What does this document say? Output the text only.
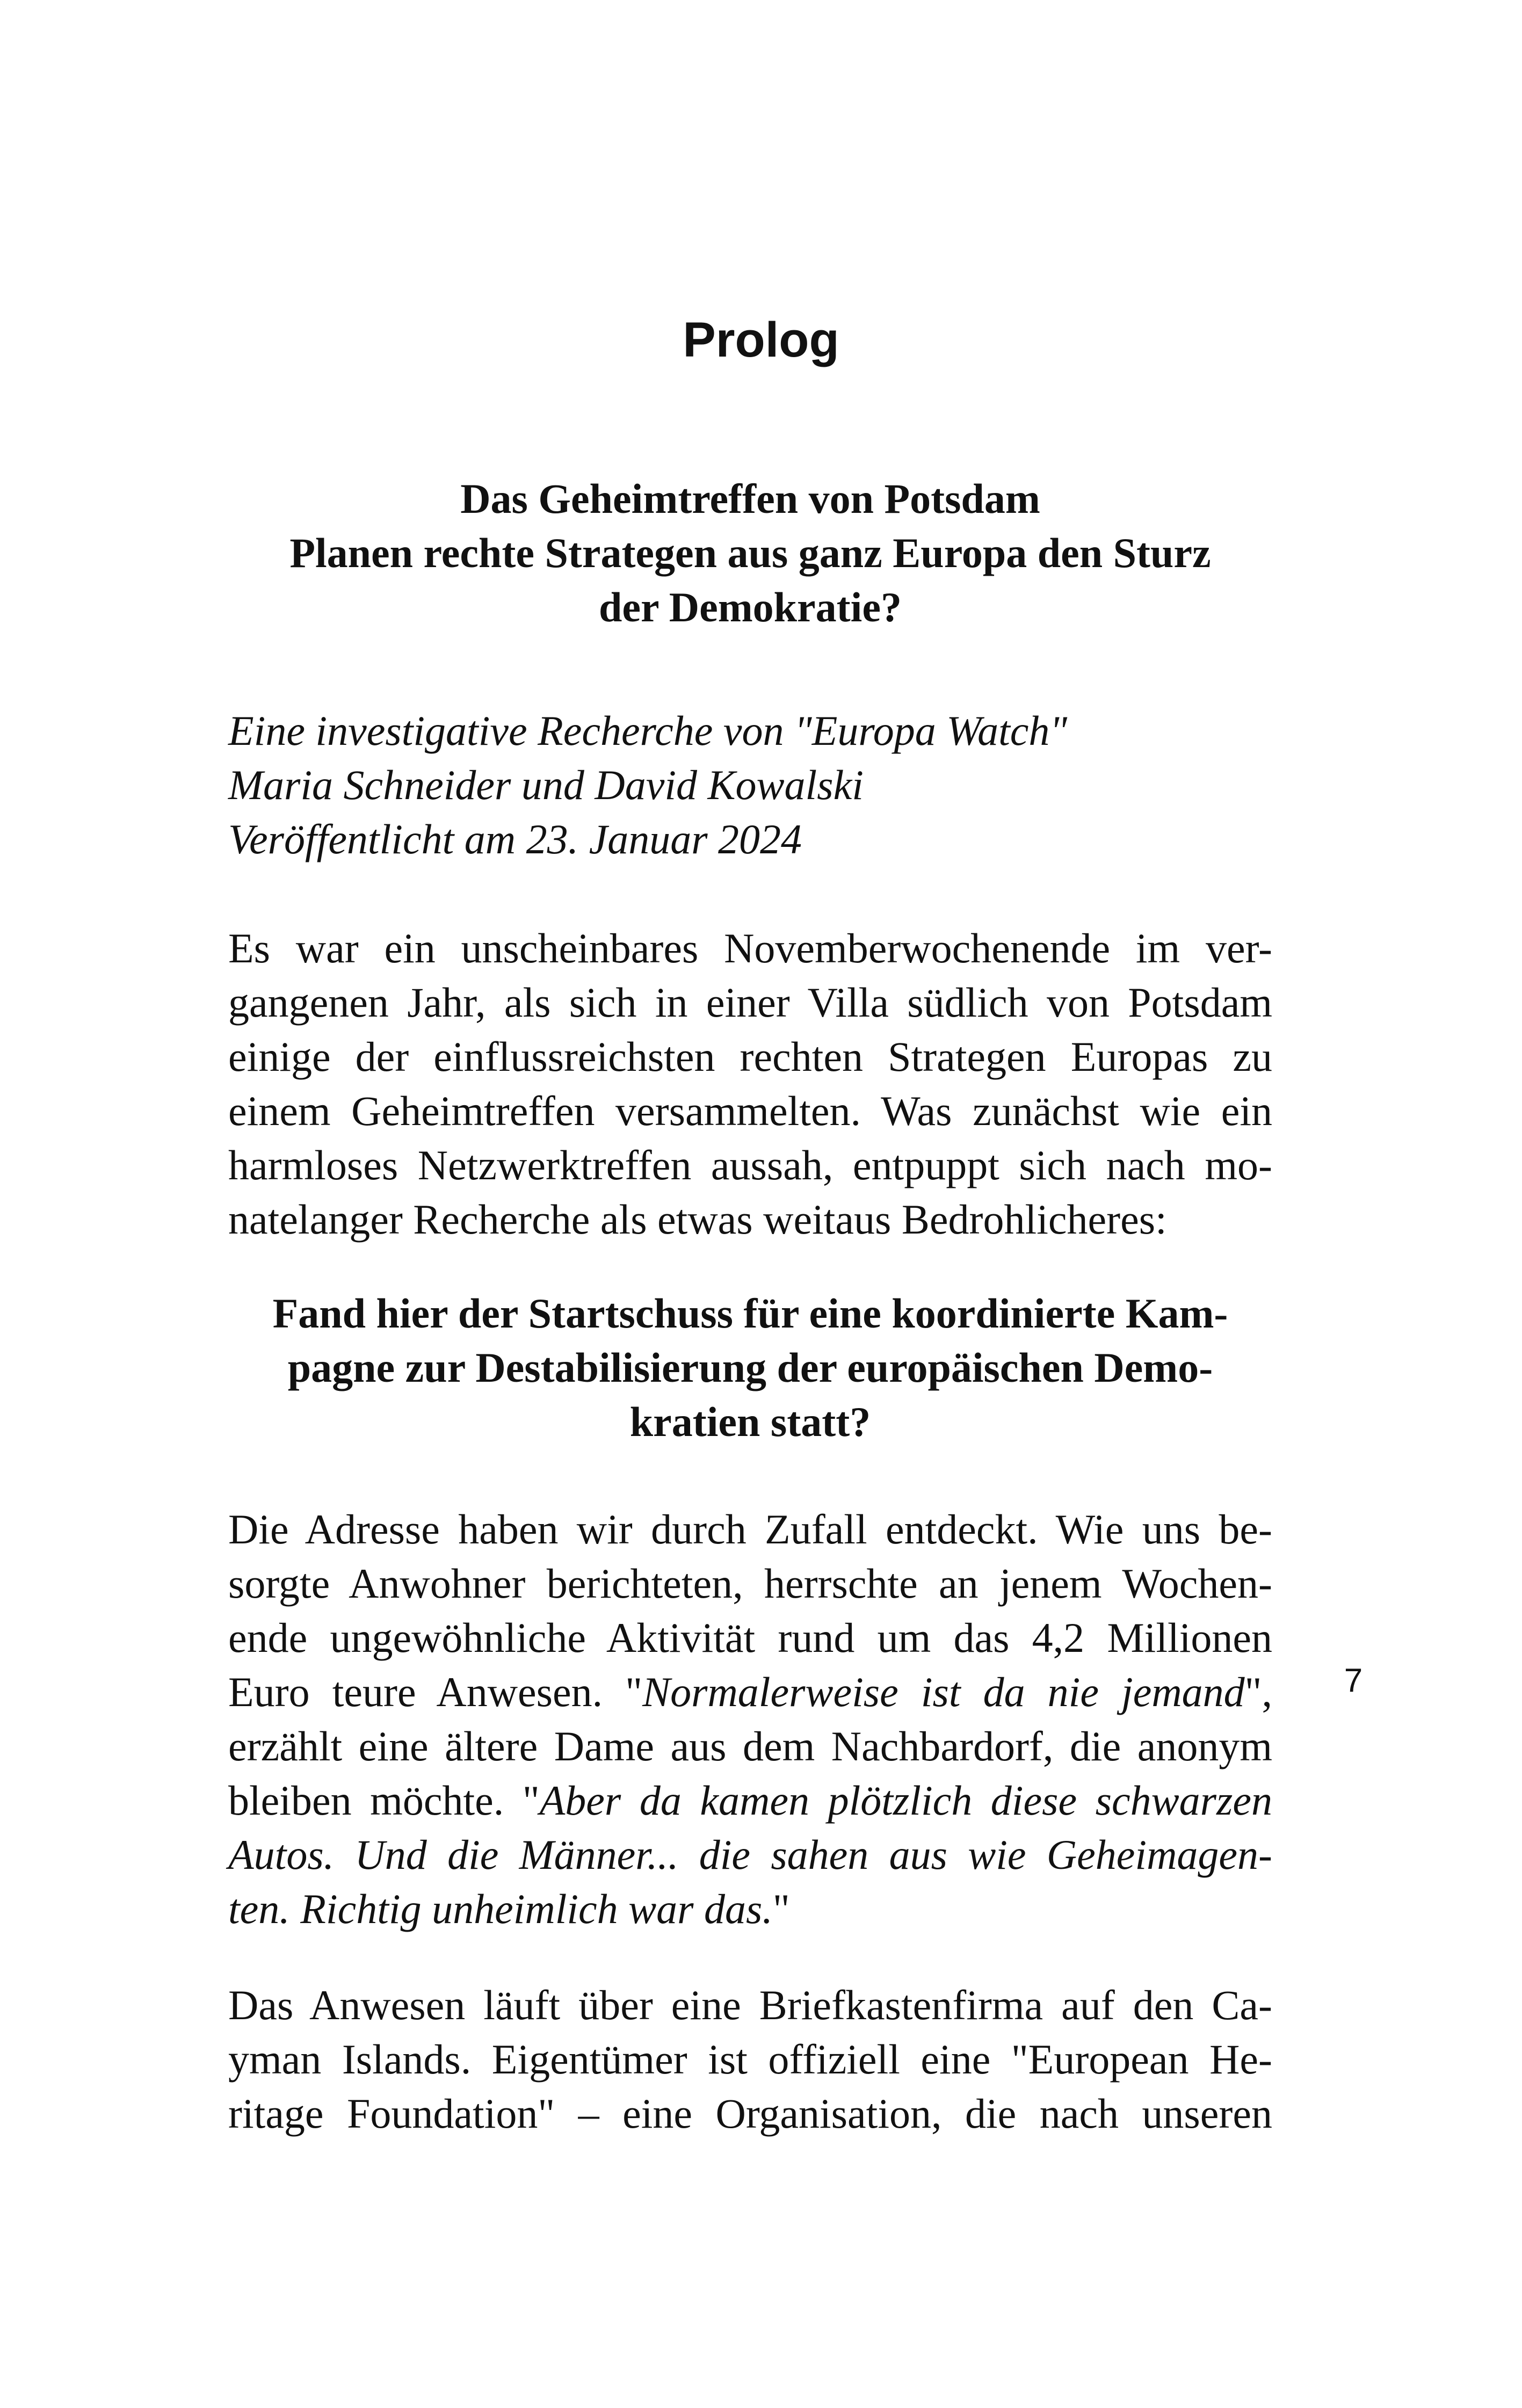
Prolog
Das Geheimtreffen von Potsdam
Planen rechte Strategen aus ganz Europa den Sturz
der Demokratie?
Eine investigative Recherche von "Europa Watch"
Maria Schneider und David Kowalski
Veröffentlicht am 23. Januar 2024
Es war ein unscheinbares Novemberwochenende im ver-
gangenen Jahr, als sich in einer Villa südlich von Potsdam
einige der einflussreichsten rechten Strategen Europas zu
einem Geheimtreffen versammelten. Was zunächst wie ein
harmloses Netzwerktreffen aussah, entpuppt sich nach mo-
natelanger Recherche als etwas weitaus Bedrohlicheres:
Fand hier der Startschuss für eine koordinierte Kam-
pagne zur Destabilisierung der europäischen Demo-
kratien statt?
Die Adresse haben wir durch Zufall entdeckt. Wie uns be-
sorgte Anwohner berichteten, herrschte an jenem Wochen-
ende ungewöhnliche Aktivität rund um das 4,2 Millionen
Euro teure Anwesen. "Normalerweise ist da nie jemand",
erzählt eine ältere Dame aus dem Nachbardorf, die anonym
bleiben möchte. "Aber da kamen plötzlich diese schwarzen
Autos. Und die Männer... die sahen aus wie Geheimagen-
ten. Richtig unheimlich war das."
Das Anwesen läuft über eine Briefkastenfirma auf den Ca-
yman Islands. Eigentümer ist offiziell eine "European He-
ritage Foundation" – eine Organisation, die nach unseren
7
